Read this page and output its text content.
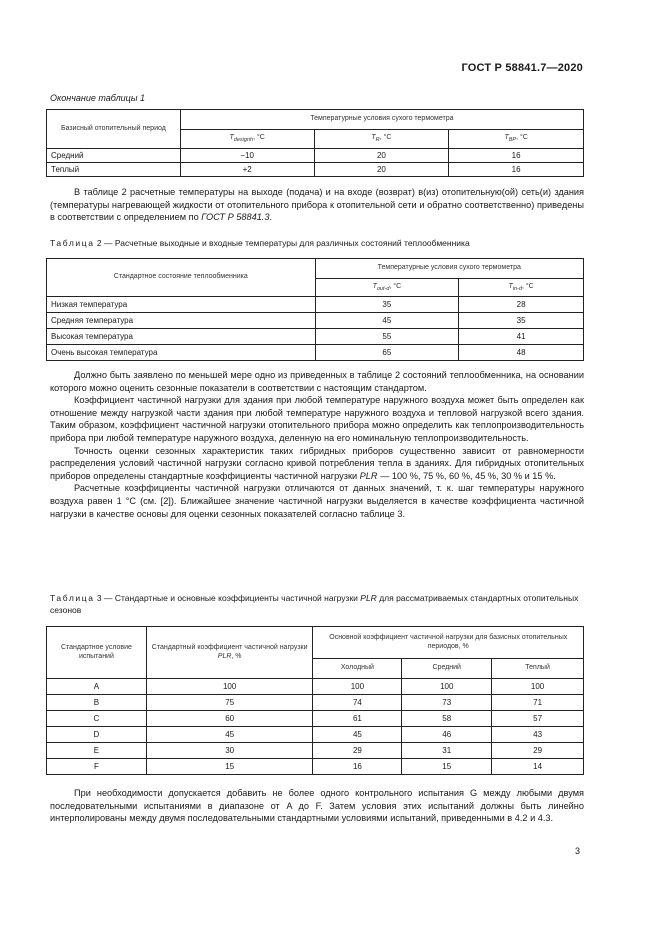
ГОСТ Р 58841.7—2020
Окончание таблицы 1
Базисный отопительный период	Температурные условия сухого термометра		
	$T_{designh}$, °С	$T_R$, °С	$T_{BP}$, °С
Средний	−10	20	16
Теплый	+2	20	16

В таблице 2 расчетные температуры на выходе (подача) и на входе (возврат) в(из) отопительную(ой) сеть(и) здания (температуры нагревающей жидкости от отопительного прибора к отопительной сети и обратно соответственно) приведены в соответствии с определением по ГОСТ Р 58841.3.

Таблица 2 — Расчетные выходные и входные температуры для различных состояний теплообменника
Стандартное состояние теплообменника	Температурные условия сухого термометра	
	$T_{out-d}$, °С	$T_{in-d}$, °С
Низкая температура	35	28
Средняя температура	45	35
Высокая температура	55	41
Очень высокая температура	65	48

Должно быть заявлено по меньшей мере одно из приведенных в таблице 2 состояний теплообменника, на основании которого можно оценить сезонные показатели в соответствии с настоящим стандартом.

Коэффициент частичной нагрузки для здания при любой температуре наружного воздуха может быть определен как отношение между нагрузкой части здания при любой температуре наружного воздуха и тепловой нагрузкой всего здания. Таким образом, коэффициент частичной нагрузки отопительного прибора можно определить как теплопроизводительность прибора при любой температуре наружного воздуха, деленную на его номинальную теплопроизводительность.

Точность оценки сезонных характеристик таких гибридных приборов существенно зависит от равномерности распределения условий частичной нагрузки согласно кривой потребления тепла в зданиях. Для гибридных отопительных приборов определены стандартные коэффициенты частичной нагрузки PLR — 100 %, 75 %, 60 %, 45 %, 30 % и 15 %.

Расчетные коэффициенты частичной нагрузки отличаются от данных значений, т. к. шаг температуры наружного воздуха равен 1 °С (см. [2]). Ближайшее значение частичной нагрузки выделяется в качестве коэффициента частичной нагрузки в качестве основы для оценки сезонных показателей согласно таблице 3.

Таблица 3 — Стандартные и основные коэффициенты частичной нагрузки PLR для рассматриваемых стандартных отопительных сезонов
Стандартное условие испытаний	Стандартный коэффициент частичной нагрузки PLR, %	Основной коэффициент частичной нагрузки для базисных отопительных периодов, %		
		Холодный	Средний	Теплый
A	100	100	100	100
B	75	74	73	71
C	60	61	58	57
D	45	45	46	43
E	30	29	31	29
F	15	16	15	14

При необходимости допускается добавить не более одного контрольного испытания G между любыми двумя последовательными испытаниями в диапазоне от A до F. Затем условия этих испытаний должны быть линейно интерполированы между двумя последовательными стандартными условиями испытаний, приведенными в 4.2 и 4.3.

3
